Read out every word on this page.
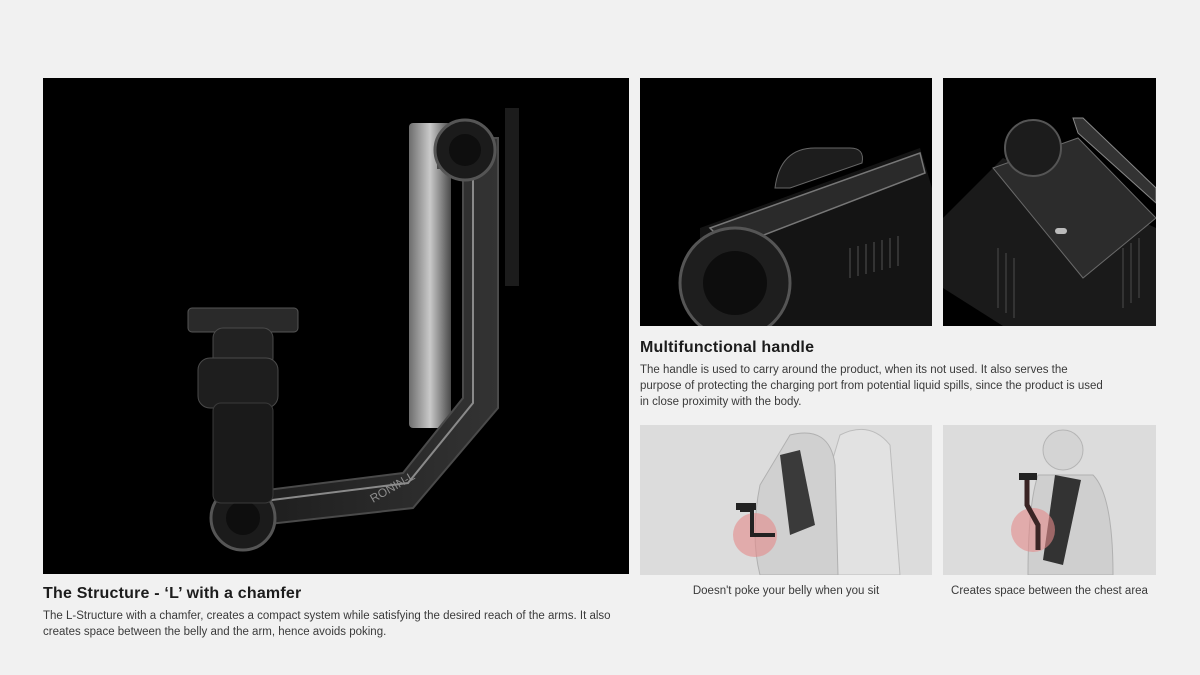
RONIN-L
Multifunctional handle
The handle is used to carry around the product, when its not used. It also serves the purpose of protecting the charging port from potential liquid spills, since the product is used in close proximity with the body.
The Structure - ‘L’ with a chamfer
The L-Structure with a chamfer, creates a compact system while satisfying the desired reach of the arms. It also creates space between the belly and the arm, hence avoids poking.
Doesn't poke your belly when you sit	Creates space between the chest area
